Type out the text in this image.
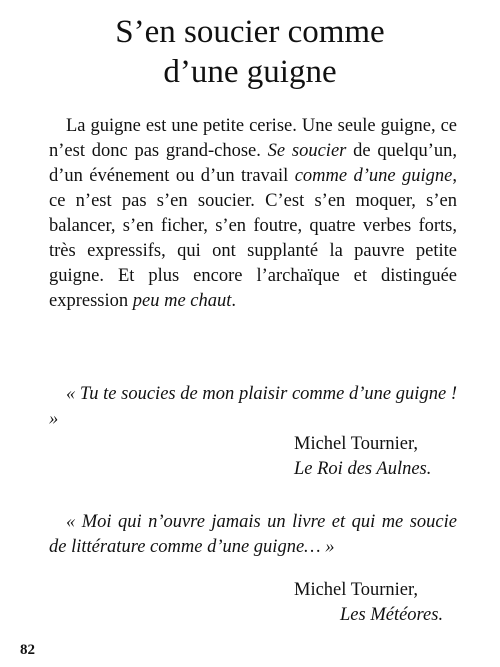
S’en soucier comme
d’une guigne

La guigne est une petite cerise. Une seule guigne, ce n’est donc pas grand-chose. Se soucier de quelqu’un, d’un événement ou d’un travail comme d’une guigne, ce n’est pas s’en soucier. C’est s’en moquer, s’en balancer, s’en ficher, s’en foutre, quatre verbes forts, très expressifs, qui ont supplanté la pauvre petite guigne. Et plus encore l’archaïque et distinguée expression peu me chaut.

« Tu te soucies de mon plaisir comme d’une guigne ! »

Michel Tournier,
Le Roi des Aulnes.

« Moi qui n’ouvre jamais un livre et qui me soucie de littérature comme d’une guigne… »

Michel Tournier,
Les Météores.

82
